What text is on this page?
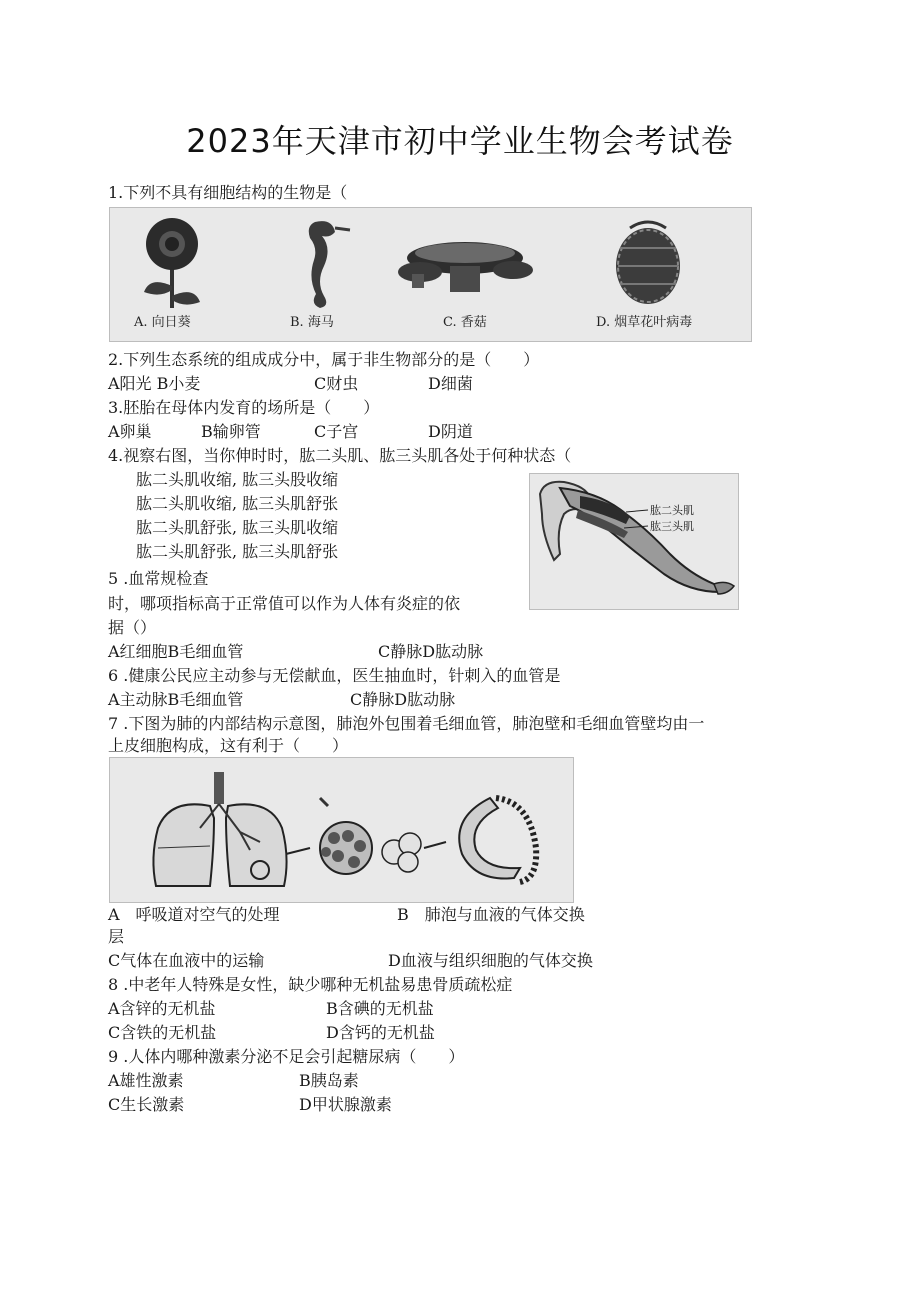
2023年天津市初中学业生物会考试卷
1.下列不具有细胞结构的生物是（
A. 向日葵	B. 海马	C. 香菇	D. 烟草花叶病毒
2.下列生态系统的组成成分中，属于非生物部分的是（　　）
A阳光 B小麦	C财虫	D细菌
3.胚胎在母体内发育的场所是（　　）
A卵巢	B输卵管	C子宫	D阴道
4.视察右图，当你伸时时，肱二头肌、肱三头肌各处于何种状态（
肱二头肌收缩, 肱三头股收缩
肱二头肌收缩, 肱三头肌舒张
肱二头肌舒张, 肱三头肌收缩
肱二头肌舒张, 肱三头肌舒张
肱二头肌
肱三头肌
5 .血常规检查
时，哪项指标高于正常值可以作为人体有炎症的依
据（）
A红细胞B毛细血管	C静脉D肱动脉
6 .健康公民应主动参与无偿献血，医生抽血时，针刺入的血管是
A主动脉B毛细血管	C静脉D肱动脉
7 .下图为肺的内部结构示意图，肺泡外包围着毛细血管，肺泡壁和毛细血管壁均由一
上皮细胞构成，这有利于（　　）
A　呼吸道对空气的处理	B　肺泡与血液的气体交换
层
C气体在血液中的运输	D血液与组织细胞的气体交换
8 .中老年人特殊是女性，缺少哪种无机盐易患骨质疏松症
A含锌的无机盐	B含碘的无机盐
C含铁的无机盐	D含钙的无机盐
9 .人体内哪种激素分泌不足会引起糖尿病（　　）
A雄性激素	B胰岛素
C生长激素	D甲状腺激素
